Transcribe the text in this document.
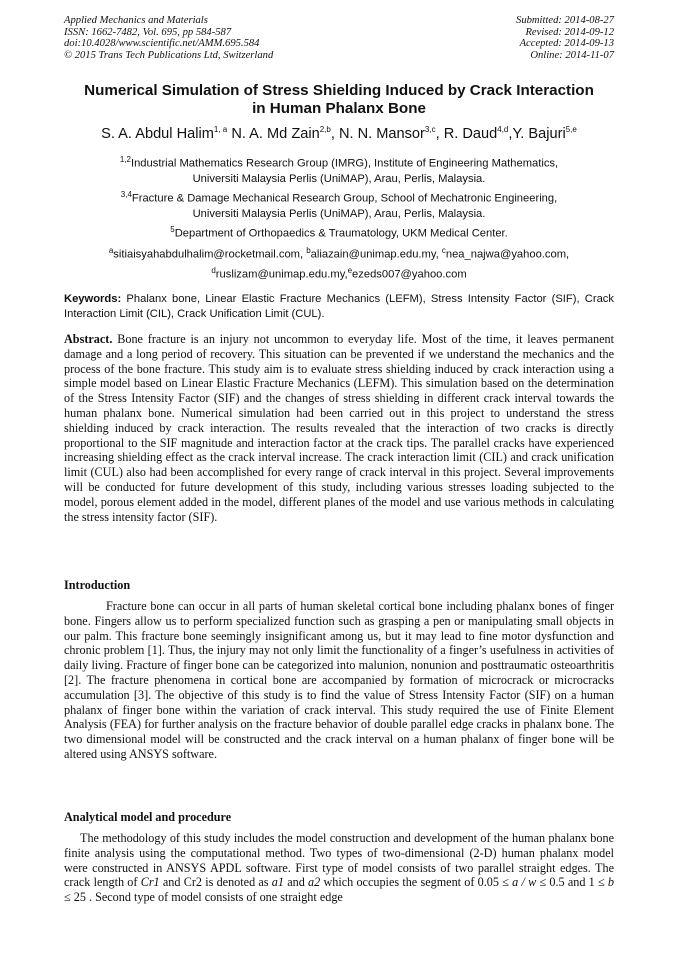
Applied Mechanics and Materials
ISSN: 1662-7482, Vol. 695, pp 584-587
doi:10.4028/www.scientific.net/AMM.695.584
© 2015 Trans Tech Publications Ltd, Switzerland
Submitted: 2014-08-27
Revised: 2014-09-12
Accepted: 2014-09-13
Online: 2014-11-07
Numerical Simulation of Stress Shielding Induced by Crack Interaction
in Human Phalanx Bone
S. A. Abdul Halim$^{1, a}$ N. A. Md Zain$^{2,b}$, N. N. Mansor$^{3,c}$, R. Daud$^{4,d}$,Y. Bajuri$^{5,e}$
$^{1,2}$Industrial Mathematics Research Group (IMRG), Institute of Engineering Mathematics,
Universiti Malaysia Perlis (UniMAP), Arau, Perlis, Malaysia.
$^{3,4}$Fracture & Damage Mechanical Research Group, School of Mechatronic Engineering,
Universiti Malaysia Perlis (UniMAP), Arau, Perlis, Malaysia.
$^5$Department of Orthopaedics & Traumatology, UKM Medical Center.
$^a$sitiaisyahabdulhalim@rocketmail.com, $^b$aliazain@unimap.edu.my, $^c$nea_najwa@yahoo.com,
$^d$ruslizam@unimap.edu.my,$^e$ezeds007@yahoo.com
Keywords: Phalanx bone, Linear Elastic Fracture Mechanics (LEFM), Stress Intensity Factor (SIF), Crack Interaction Limit (CIL), Crack Unification Limit (CUL).
Abstract. Bone fracture is an injury not uncommon to everyday life. Most of the time, it leaves permanent damage and a long period of recovery. This situation can be prevented if we understand the mechanics and the process of the bone fracture. This study aim is to evaluate stress shielding induced by crack interaction using a simple model based on Linear Elastic Fracture Mechanics (LEFM). This simulation based on the determination of the Stress Intensity Factor (SIF) and the changes of stress shielding in different crack interval towards the human phalanx bone. Numerical simulation had been carried out in this project to understand the stress shielding induced by crack interaction. The results revealed that the interaction of two cracks is directly proportional to the SIF magnitude and interaction factor at the crack tips. The parallel cracks have experienced increasing shielding effect as the crack interval increase. The crack interaction limit (CIL) and crack unification limit (CUL) also had been accomplished for every range of crack interval in this project. Several improvements will be conducted for future development of this study, including various stresses loading subjected to the model, porous element added in the model, different planes of the model and use various methods in calculating the stress intensity factor (SIF).
Introduction
Fracture bone can occur in all parts of human skeletal cortical bone including phalanx bones of finger bone. Fingers allow us to perform specialized function such as grasping a pen or manipulating small objects in our palm. This fracture bone seemingly insignificant among us, but it may lead to fine motor dysfunction and chronic problem [1]. Thus, the injury may not only limit the functionality of a finger’s usefulness in activities of daily living. Fracture of finger bone can be categorized into malunion, nonunion and posttraumatic osteoarthritis [2]. The fracture phenomena in cortical bone are accompanied by formation of microcrack or microcracks accumulation [3]. The objective of this study is to find the value of Stress Intensity Factor (SIF) on a human phalanx of finger bone within the variation of crack interval. This study required the use of Finite Element Analysis (FEA) for further analysis on the fracture behavior of double parallel edge cracks in phalanx bone. The two dimensional model will be constructed and the crack interval on a human phalanx of finger bone will be altered using ANSYS software.
Analytical model and procedure
The methodology of this study includes the model construction and development of the human phalanx bone finite analysis using the computational method. Two types of two-dimensional (2-D) human phalanx model were constructed in ANSYS APDL software. First type of model consists of two parallel straight edges. The crack length of Cr1 and Cr2 is denoted as a1 and a2 which occupies the segment of 0.05 ≤ a / w ≤ 0.5 and 1 ≤ b ≤ 25 . Second type of model consists of one straight edge
